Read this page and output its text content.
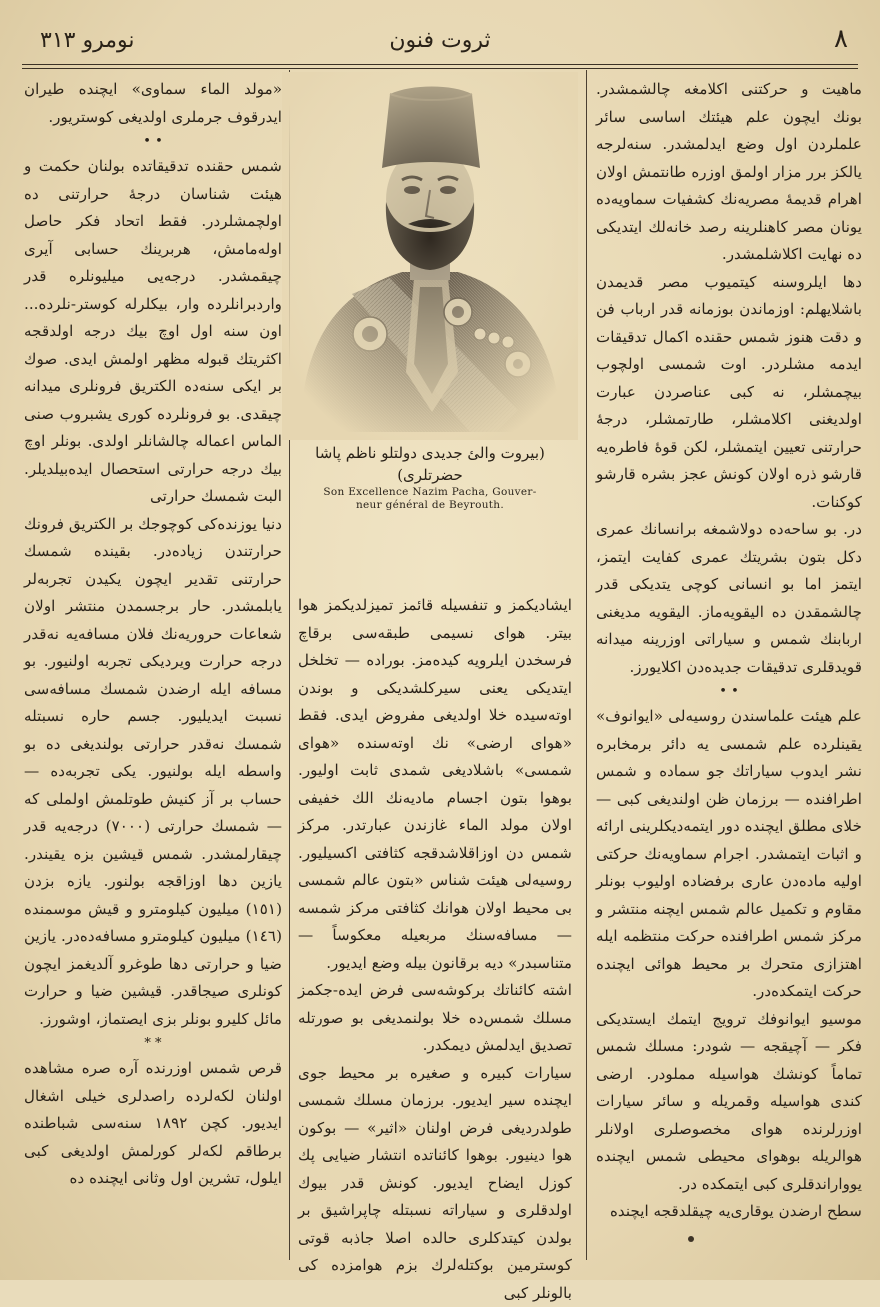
نومرو ٣١٣	ثروت فنون	٨
(بيروت والئ جديدى دولتلو ناظم پاشا حضرتلرى)
Son Excellence Nazim Pacha, Gouver-
neur général de Beyrouth.

ماهيت و حركتنى اكلامغه چالشمشدر. بونك ايچون علم هيئتك اساسى سائر علملردن اول وضع ايدلمشدر. سنه‌لرجه يالكز برر مزار اولمق اوزره طانتمش اولان اهرام قديمهٔ مصريه‌نك كشفيات سماويه‌ده يونان مصر كاهنلرينه رصد خانه‌لك ايتديكى ده نهايت اكلاشلمشدر.

دها ايلروسنه كيتميوب مصر قديمدن باشلايهلم: اوزماندن بوزمانه قدر ارباب فن و دقت هنوز شمس حقنده اكمال تدقيقات ايدمه مشلردر. اوت شمسى اولچوب بيچمشلر، نه كبى عناصردن عبارت اولديغنى اكلامشلر، طارتمشلر، درجهٔ حرارتنى تعيين ايتمشلر، لكن قوهٔ فاطره‌يه قارشو ذره اولان كونش عجز بشره قارشو كوكنات.

در. بو ساحه‌ده دولاشمغه برانسانك عمرى دكل بتون بشريتك عمرى كفايت ايتمز، ايتمز اما بو انسانى كوچى يتديكى قدر چالشمقدن ده اليقويه‌ماز. اليقويه مديغنى اربابنك شمس و سياراتى اوزرينه ميدانه قويدقلرى تدقيقات جديده‌دن اكلايورز.

• •

علم هيئت علماسندن روسيه‌لى «ايوانوف» يقينلرده علم شمسى يه دائر برمخابره نشر ايدوب سياراتك جو سماده و شمس اطرافنده — برزمان ظن اولنديغى كبى — خلاى مطلق ايچنده دور ايتمه‌ديكلرينى ارائه و اثبات ايتمشدر. اجرام سماويه‌نك حركتى اوليه ماده‌دن عارى برفضاده اوليوب بونلر مقاوم و تكميل عالم شمس ايچنه منتشر و مركز شمس اطرافنده حركت منتظمه ايله اهتزازى متحرك بر محيط هوائى ايچنده حركت ايتمكده‌در.

موسيو ايوانوفك ترويج ايتمك ايستديكى فكر — آچيقجه — شودر: مسلك شمس تماماً كونشك هواسيله مملودر. ارضى كندى هواسيله وقمريله و سائر سيارات اوزرلرنده هواى مخصوصلرى اولانلر هوالريله بوهواى محيطى شمس ايچنده يوواراندقلرى كبى ايتمكده در.

سطح ارضدن يوقارى‌يه چيقلدقجه ايچنده

ايشاديكمز و تنفسيله قائمز تميزلديكمز هوا بيتر. هواى نسيمى طبقه‌سى برقاچ فرسخدن ايلرويه كيده‌مز. بوراده — تخلخل ايتديكى يعنى سيركلشديكى و بوندن اوته‌سيده خلا اولديغى مفروض ايدى. فقط «هواى ارضى» نك اوته‌سنده «هواى شمسى» باشلاديغى شمدى ثابت اوليور. بوهوا بتون اجسام ماديه‌نك الك خفيفى اولان مولد الماء غازندن عبارتدر. مركز شمس دن اوزاقلاشدقجه كثافتى اكسيليور. روسيه‌لى هيئت شناس «بتون عالم شمسى بى محيط اولان هوانك كثافتى مركز شمسه — مسافه‌سنك مربعيله معكوساً — متناسبدر» ديه برقانون بيله وضع ايديور.

اشته كائناتك بركوشه‌سى فرض ايده-جكمز مسلك شمس‌ده خلا بولنمديغى بو صورتله تصديق ايدلمش ديمكدر.

سيارات كبيره و صغيره بر محيط جوى ايچنده سير ايديور. برزمان مسلك شمسى طولدرديغى فرض اولنان «اثير» — بوكون هوا دينيور. بوهوا كائناتده انتشار ضيايى پك كوزل ايضاح ايديور. كونش قدر بيوك اولدقلرى و سياراته نسبتله چاپراشيق بر بولدن كيتدكلرى حالده اصلا جاذبه قوتى كوسترمين بوكتله‌لرك بزم هوامزده كى بالونلر كبى

«مولد الماء سماوى» ايچنده طيران ايدرقوف جرملرى اولديغى كوستريور.

• •

شمس حقنده تدقيقاتده بولنان حكمت و هيئت شناسان درجهٔ حرارتنى ده اولچمشلردر. فقط اتحاد فكر حاصل اوله‌مامش، هربرينك حسابى آيرى چيقمشدر. درجه‌يى ميليونلره قدر واردبرانلرده وار، بيكلرله كوستر-نلرده... اون سنه اول اوچ بيك درجه اولدقجه اكثريتك قبوله مظهر اولمش ايدى. صوك بر ايكى سنه‌ده الكتريق فرونلرى ميدانه چيقدى. بو فرونلرده كورى يشبروب صنى الماس اعماله چالشانلر اولدى. بونلر اوچ بيك درجه حرارتى استحصال ايده‌بيلديلر. البت شمسك حرارتى

دنيا يوزنده‌كى كوچوجك بر الكتريق فرونك حرارتندن زياده‌در. بقينده شمسك حرارتنى تقدير ايچون يكيدن تجربه‌لر يابلمشدر. حار برجسمدن منتشر اولان شعاعات حروريه‌نك فلان مسافه‌يه نه‌قدر درجه حرارت ويرديكى تجربه اولنيور. بو مسافه ايله ارضدن شمسك مسافه‌سى نسبت ايديليور. جسم حاره نسبتله شمسك نه‌قدر حرارتى بولنديغى ده بو واسطه ايله بولنيور. يكى تجربه‌ده — حساب بر آز كنيش طوتلمش اولملى كه — شمسك حرارتى (٧٠٠٠) درجه‌يه قدر چيقارلمشدر. شمس قيشين بزه يقيندر. يازين دها اوزاقجه بولنور. يازه بزدن (١٥١) ميليون كيلومترو و قيش موسمنده (١٤٦) ميليون كيلومترو مسافه‌ده‌در. يازين ضيا و حرارتى دها طوغرو آلديغمز ايچون كونلرى صيجاقدر. قيشين ضيا و حرارت مائل كليرو بونلر بزى ايصتماز، اوشورز.

* *

قرص شمس اوزرنده آره صره مشاهده اولنان لكه‌لرده راصدلرى خيلى اشغال ايديور. كچن ١٨٩٢ سنه‌سى شباطنده برطاقم لكه‌لر كورلمش اولديغى كبى ايلول، تشرين اول وثانى ايچنده ده
